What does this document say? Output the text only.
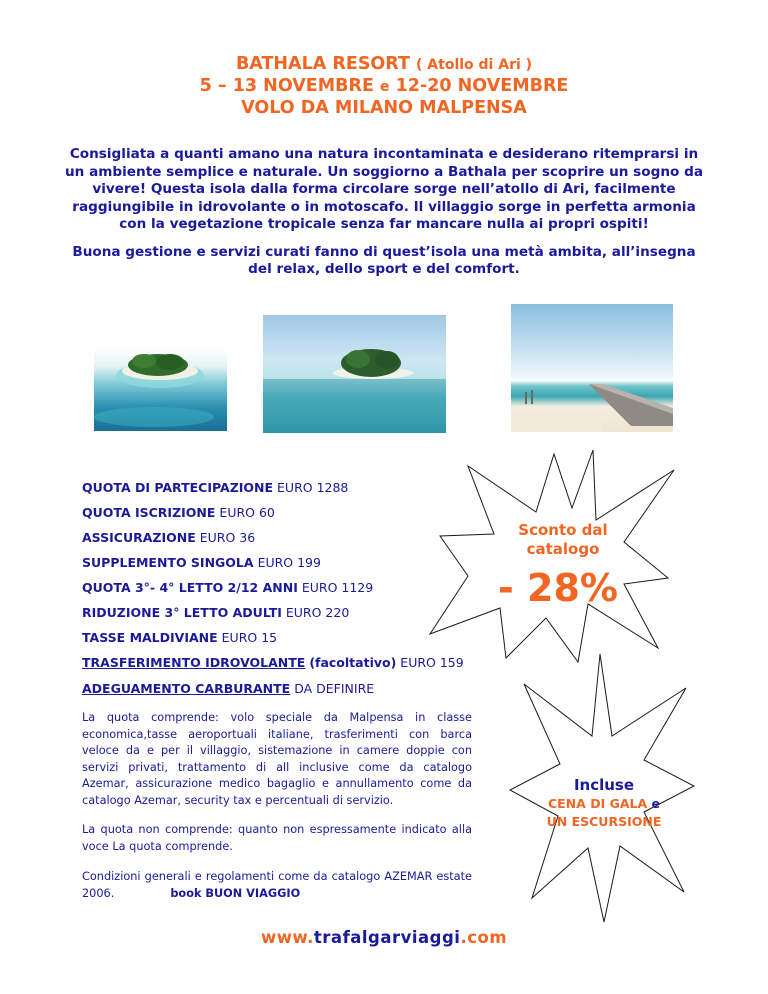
BATHALA RESORT ( Atollo di Ari )
5 – 13 NOVEMBRE e 12-20 NOVEMBRE
VOLO DA MILANO MALPENSA

Consigliata a quanti amano una natura incontaminata e desiderano ritemprarsi in un ambiente semplice e naturale. Un soggiorno a Bathala per scoprire un sogno da vivere! Questa isola dalla forma circolare sorge nell’atollo di Ari, facilmente raggiungibile in idrovolante o in motoscafo. Il villaggio sorge in perfetta armonia con la vegetazione tropicale senza far mancare nulla ai propri ospiti!

Buona gestione e servizi curati fanno di quest’isola una metà ambita, all’insegna del relax, dello sport e del comfort.

QUOTA DI PARTECIPAZIONE EURO 1288
QUOTA ISCRIZIONE EURO 60
ASSICURAZIONE EURO 36
SUPPLEMENTO SINGOLA EURO 199
QUOTA 3°- 4° LETTO 2/12 ANNI EURO 1129
RIDUZIONE 3° LETTO ADULTI EURO 220
TASSE MALDIVIANE EURO 15
TRASFERIMENTO IDROVOLANTE (facoltativo) EURO 159
ADEGUAMENTO CARBURANTE DA DEFINIRE

La quota comprende: volo speciale da Malpensa in classe economica,tasse aeroportuali italiane, trasferimenti con barca veloce da e per il villaggio, sistemazione in camere doppie con servizi privati, trattamento di all inclusive come da catalogo Azemar, assicurazione medico bagaglio e annullamento come da catalogo Azemar, security tax e percentuali di servizio.

La quota non comprende: quanto non espressamente indicato alla voce La quota comprende.

Condizioni generali e regolamenti come da catalogo AZEMAR estate 2006.	book BUON VIAGGIO

Sconto dal
catalogo
- 28%
Incluse
CENA DI GALA e
UN ESCURSIONE
www.trafalgarviaggi.com
